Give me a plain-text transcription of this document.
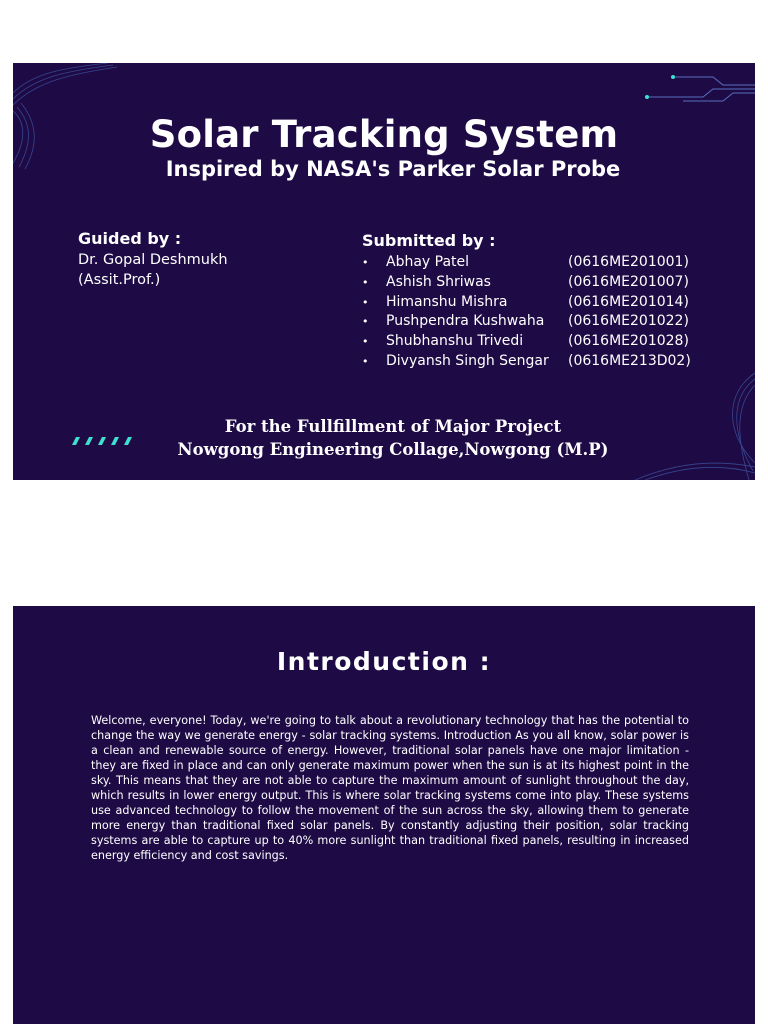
Solar Tracking System
Inspired by NASA's Parker Solar Probe

Guided by :

Dr. Gopal Deshmukh

(Assit.Prof.)

Submitted by :

• Abhay Patel	(0616ME201001)
• Ashish Shriwas	(0616ME201007)
• Himanshu Mishra	(0616ME201014)
• Pushpendra Kushwaha (0616ME201022)
• Shubhanshu Trivedi	(0616ME201028)
• Divyansh Singh Sengar (0616ME213D02)

For the Fullfillment of Major Project

Nowgong Engineering Collage,Nowgong (M.P)

Introduction :

Welcome, everyone! Today, we're going to talk about a revolutionary technology that has the potential to change the way we generate energy - solar tracking systems. Introduction As you all know, solar power is a clean and renewable source of energy. However, traditional solar panels have one major limitation - they are fixed in place and can only generate maximum power when the sun is at its highest point in the sky. This means that they are not able to capture the maximum amount of sunlight throughout the day, which results in lower energy output. This is where solar tracking systems come into play. These systems use advanced technology to follow the movement of the sun across the sky, allowing them to generate more energy than traditional fixed solar panels. By constantly adjusting their position, solar tracking systems are able to capture up to 40% more sunlight than traditional fixed panels, resulting in increased energy efficiency and cost savings.
